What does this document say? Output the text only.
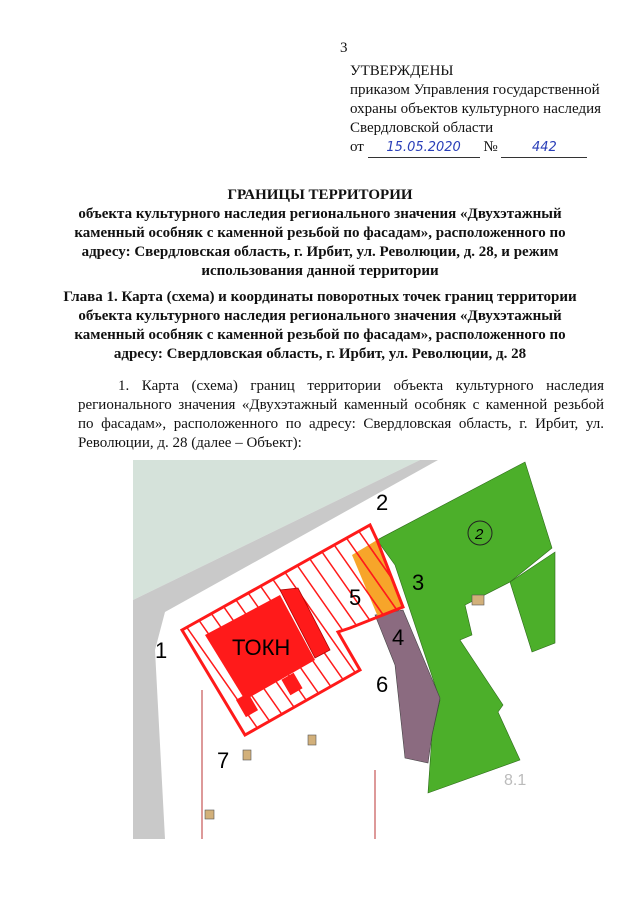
3
УТВЕРЖДЕНЫ
приказом Управления государственной
охраны объектов культурного наследия
Свердловской области
от 15.05.2020 №	442
ГРАНИЦЫ ТЕРРИТОРИИ
объекта культурного наследия регионального значения «Двухэтажный каменный особняк с каменной резьбой по фасадам», расположенного по адресу: Свердловская область, г. Ирбит, ул. Революции, д. 28, и режим использования данной территории
Глава 1. Карта (схема) и координаты поворотных точек границ территории объекта культурного наследия регионального значения «Двухэтажный каменный особняк с каменной резьбой по фасадам», расположенного по адресу: Свердловская область, г. Ирбит, ул. Революции, д. 28
1. Карта (схема) границ территории объекта культурного наследия регионального значения «Двухэтажный каменный особняк с каменной резьбой по фасадам», расположенного по адресу: Свердловская область, г. Ирбит, ул. Революции, д. 28 (далее – Объект):
2
ТОКН
8.1
1
2
3
4
5
6
7
